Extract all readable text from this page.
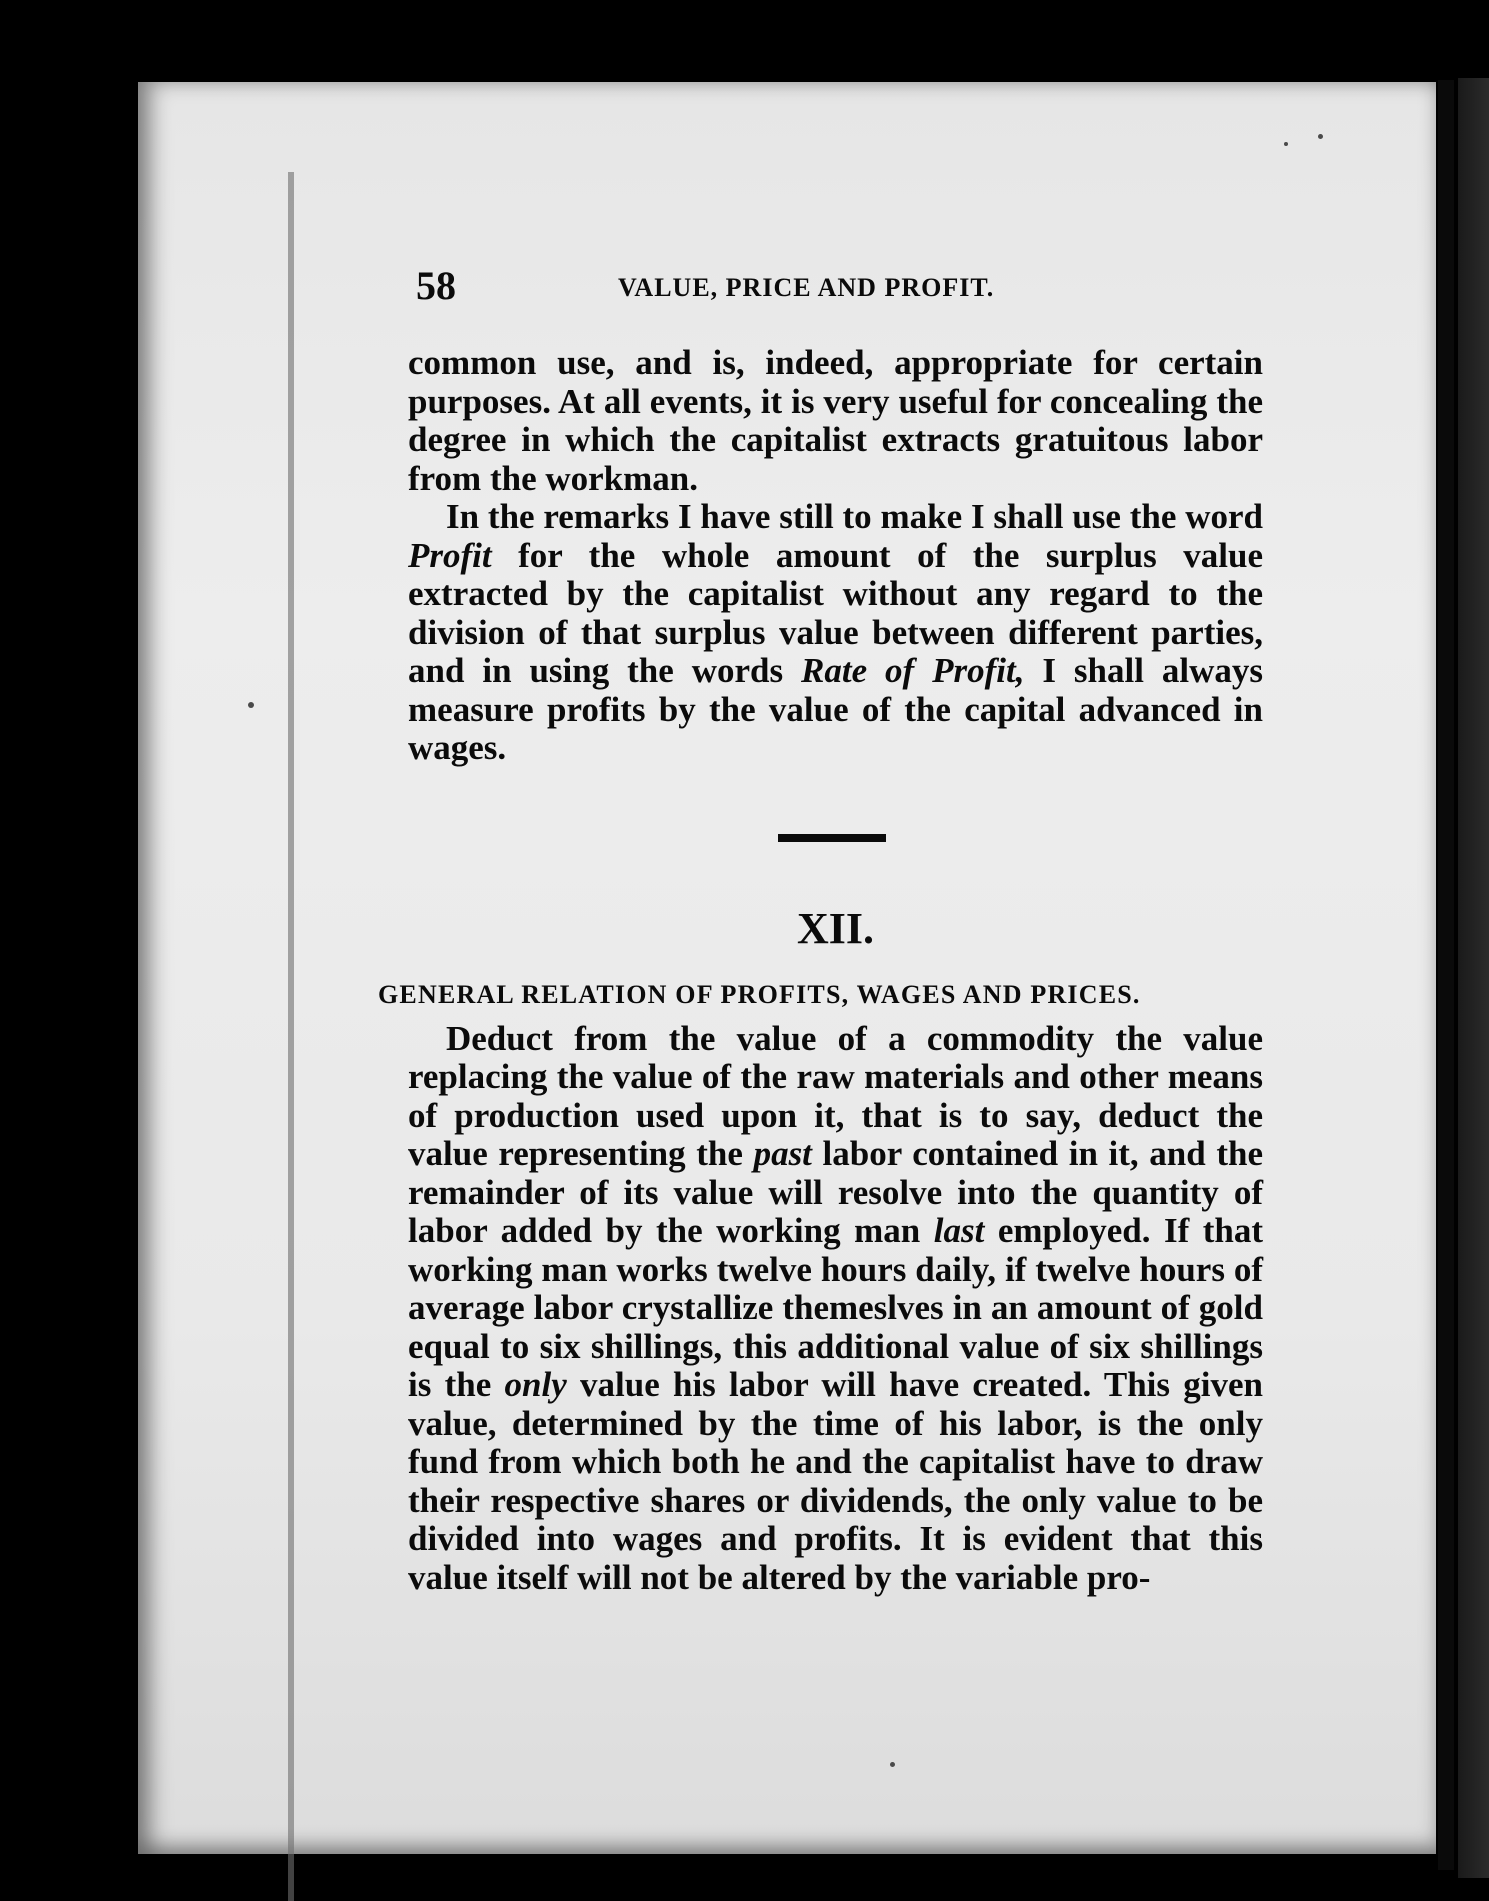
58	VALUE, PRICE AND PROFIT.

common use, and is, indeed, appropriate for certain purposes. At all events, it is very useful for concealing the degree in which the capitalist extracts gratuitous labor from the workman.

In the remarks I have still to make I shall use the word Profit for the whole amount of the surplus value extracted by the capitalist without any regard to the division of that surplus value between different parties, and in using the words Rate of Profit, I shall always measure profits by the value of the capital advanced in wages.

XII.
GENERAL RELATION OF PROFITS, WAGES AND PRICES.

Deduct from the value of a commodity the value replacing the value of the raw materials and other means of production used upon it, that is to say, deduct the value representing the past labor contained in it, and the remainder of its value will resolve into the quantity of labor added by the working man last employed. If that working man works twelve hours daily, if twelve hours of average labor crystallize themeslves in an amount of gold equal to six shillings, this additional value of six shillings is the only value his labor will have created. This given value, determined by the time of his labor, is the only fund from which both he and the capitalist have to draw their respective shares or dividends, the only value to be divided into wages and profits. It is evident that this value itself will not be altered by the variable pro-
